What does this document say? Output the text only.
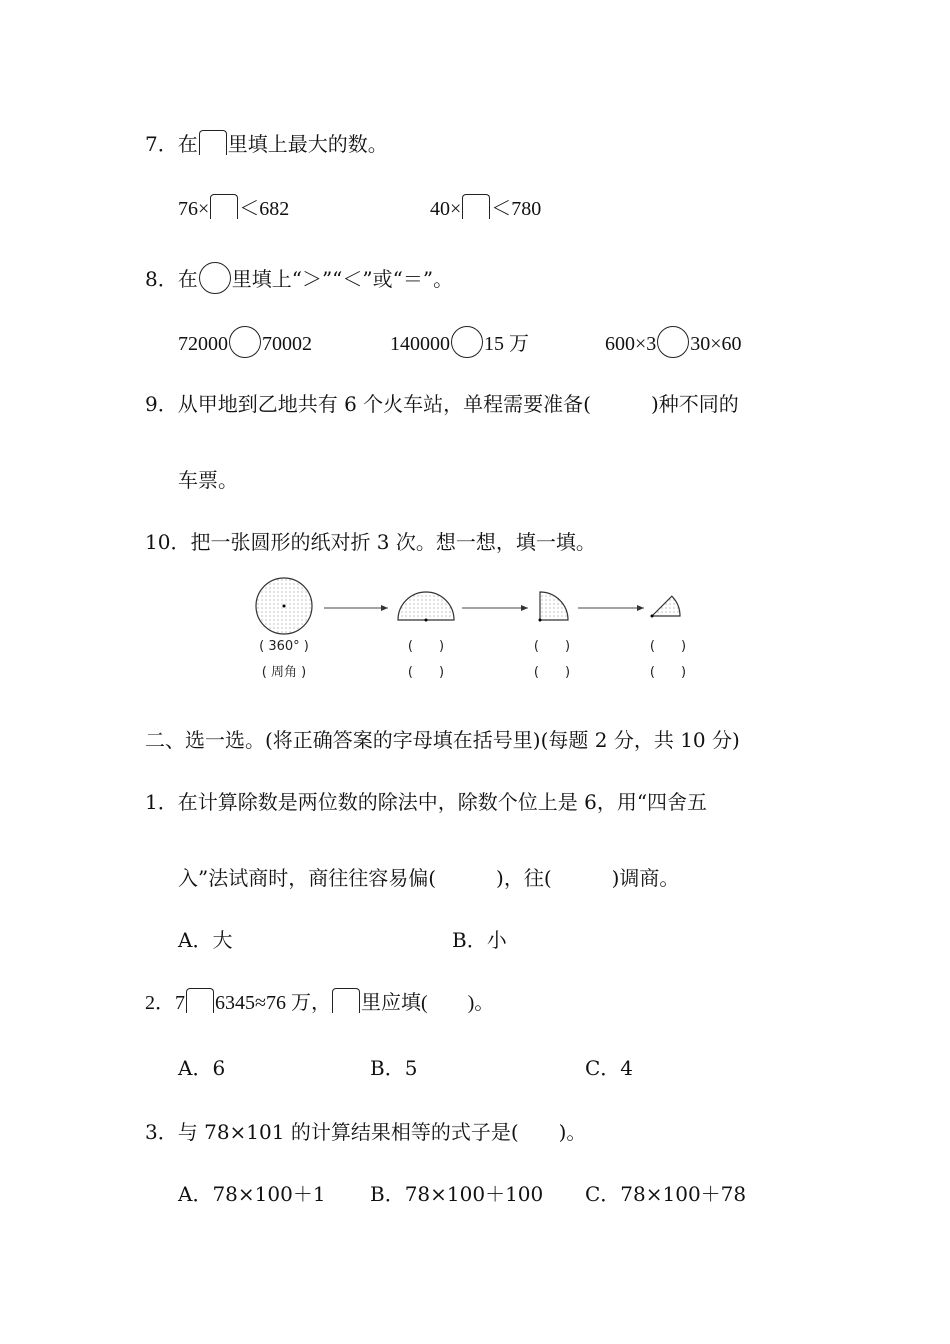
7．在 里填上最大的数。
76× ＜682	40× ＜780
8．在 里填上“＞”“＜”或“＝”。
72000 70002	140000 15 万	600×3 30×60
9．从甲地到乙地共有 6 个火车站，单程需要准备(　　　)种不同的
车票。
10．把一张圆形的纸对折 3 次。想一想，填一填。
( 360° )
( 周角 )
(　　)
(　　)
(　　)
(　　)
(　　)
(　　)
二、选一选。(将正确答案的字母填在括号里)(每题 2 分，共 10 分)
1．在计算除数是两位数的除法中，除数个位上是 6，用“四舍五
入”法试商时，商往往容易偏(　　　)，往(　　　)调商。
A．大	B．小
2．7 6345≈76 万， 里应填(　　)。
A．6	B．5	C．4
3．与 78×101 的计算结果相等的式子是(　　)。
A．78×100＋1 B．78×100＋100 C．78×100＋78
